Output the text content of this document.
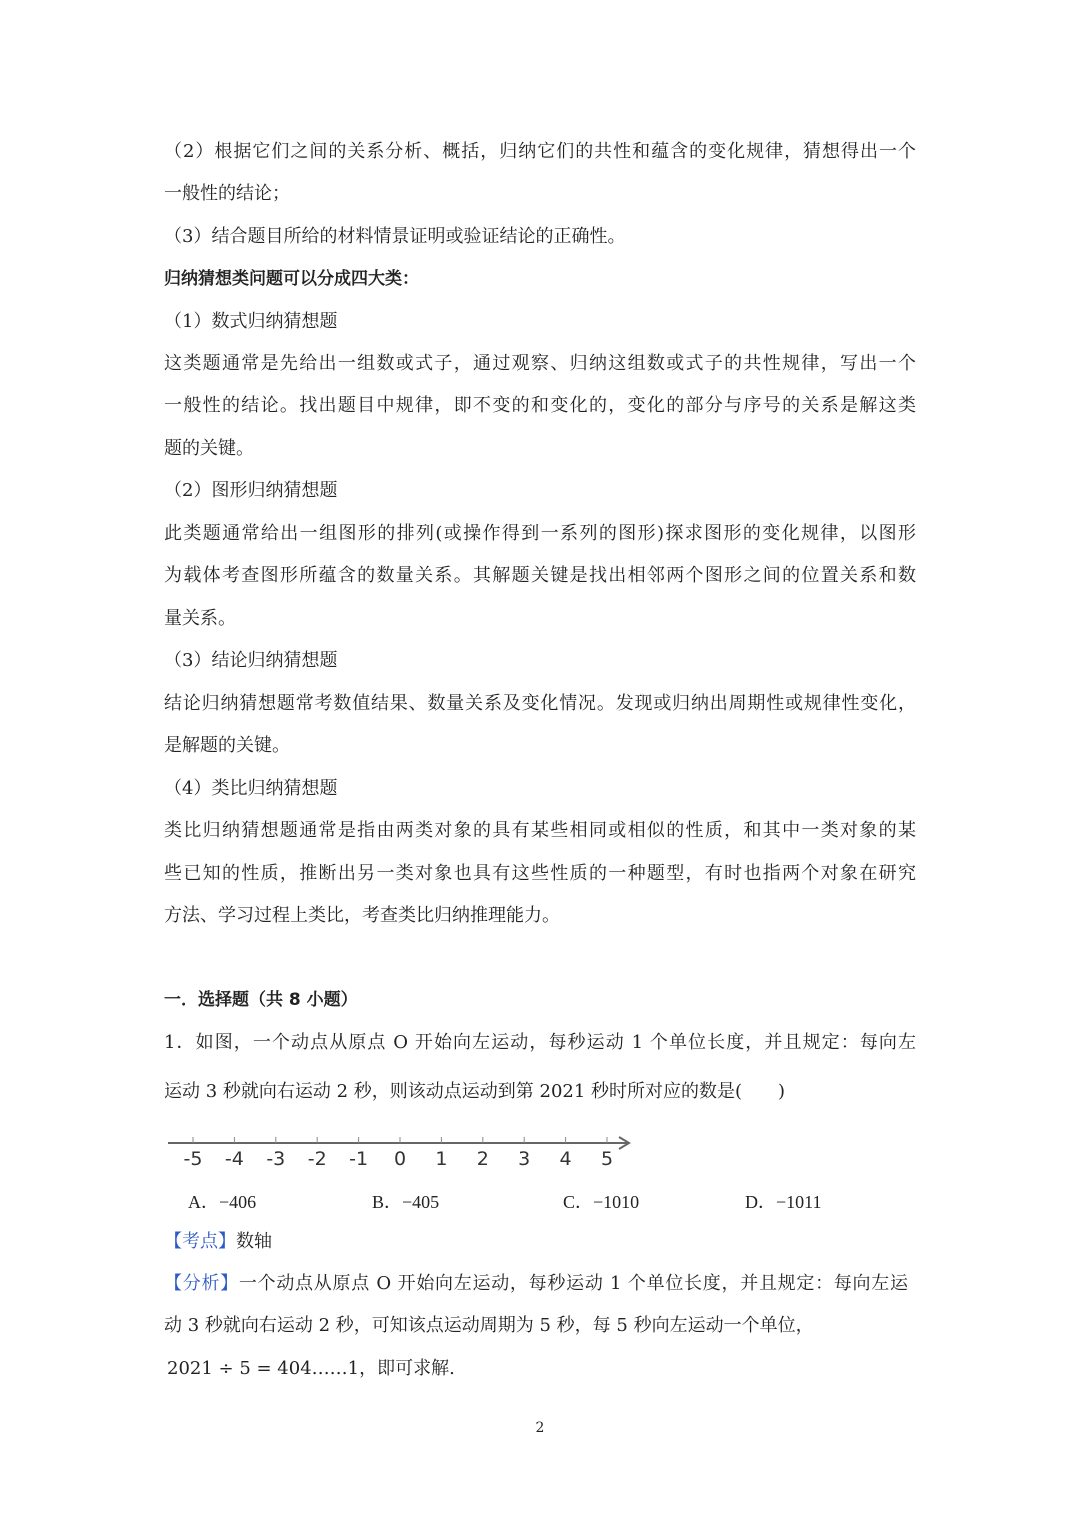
（2）根据它们之间的关系分析、概括，归纳它们的共性和蕴含的变化规律，猜想得出一个
一般性的结论；
（3）结合题目所给的材料情景证明或验证结论的正确性。
归纳猜想类问题可以分成四大类：
（1）数式归纳猜想题
这类题通常是先给出一组数或式子，通过观察、归纳这组数或式子的共性规律，写出一个
一般性的结论。找出题目中规律，即不变的和变化的，变化的部分与序号的关系是解这类
题的关键。
（2）图形归纳猜想题
此类题通常给出一组图形的排列(或操作得到一系列的图形)探求图形的变化规律，以图形
为载体考查图形所蕴含的数量关系。其解题关键是找出相邻两个图形之间的位置关系和数
量关系。
（3）结论归纳猜想题
结论归纳猜想题常考数值结果、数量关系及变化情况。发现或归纳出周期性或规律性变化，
是解题的关键。
（4）类比归纳猜想题
类比归纳猜想题通常是指由两类对象的具有某些相同或相似的性质，和其中一类对象的某
些已知的性质，推断出另一类对象也具有这些性质的一种题型，有时也指两个对象在研究
方法、学习过程上类比，考查类比归纳推理能力。
一．选择题（共 8 小题）
1．如图，一个动点从原点 O 开始向左运动，每秒运动 1 个单位长度，并且规定：每向左
运动 3 秒就向右运动 2 秒，则该动点运动到第 2021 秒时所对应的数是(　　)
-5 -4 -3 -2 -1 0 1 2 3 4 5
A．−406	B．−405	C．−1010	D．−1011
【考点】数轴
【分析】一个动点从原点 O 开始向左运动，每秒运动 1 个单位长度，并且规定：每向左运
动 3 秒就向右运动 2 秒，可知该点运动周期为 5 秒，每 5 秒向左运动一个单位，
2021 ÷ 5 = 404……1，即可求解.
2
